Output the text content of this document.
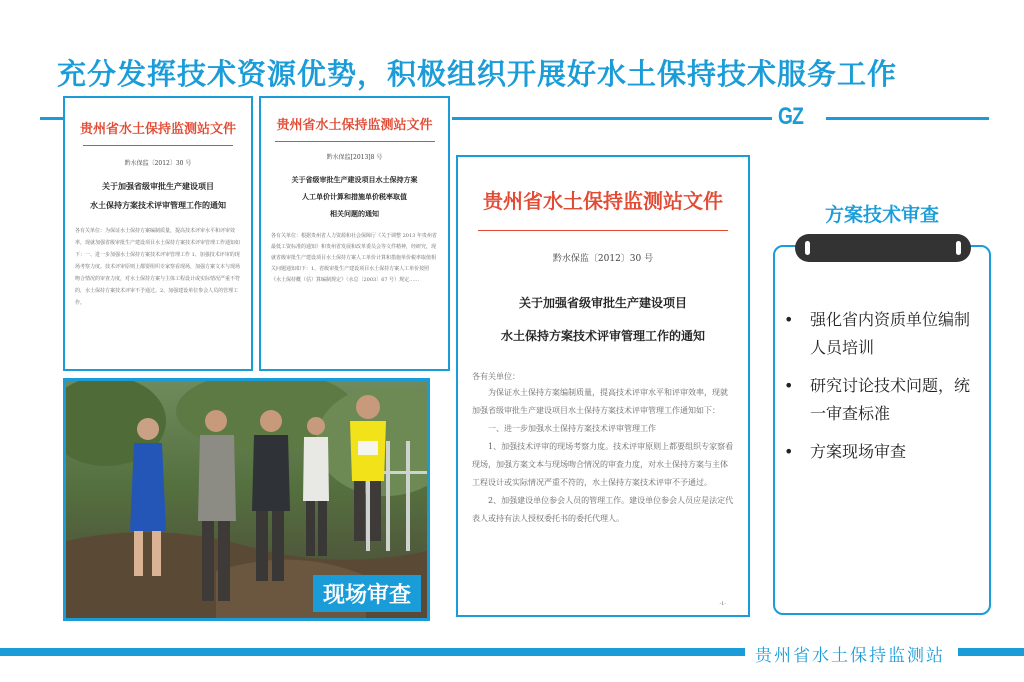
充分发挥技术资源优势，积极组织开展好水土保持技术服务工作
GZ
贵州省水土保持监测站文件
黔水保监〔2012〕30 号
关于加强省级审批生产建设项目
水土保持方案技术评审管理工作的通知
各有关单位：为保证水土保持方案编制质量，提高技术评审水平和评审效率，现就加强省级审批生产建设项目水土保持方案技术评审管理工作通知如下：一、进一步加强水土保持方案技术评审管理工作 1、加强技术评审的现场考察力度。技术评审原则上都要组织专家察看现场，加强方案文本与现场吻合情况的审查力度，对水土保持方案与主体工程设计或实际情况严重不符的，水土保持方案技术评审不予通过。2、加强建设单位参会人员的管理工作。
贵州省水土保持监测站文件
黔水保监[2013]8 号
关于省级审批生产建设项目水土保持方案
人工单价计算和措施单价税率取值
相关问题的通知
各有关单位：根据贵州省人力资源和社会保障厅《关于调整 2013 年贵州省最低工资标准的通知》和贵州省发展和改革委员会等文件精神，经研究，现就省级审批生产建设项目水土保持方案人工单价计算和措施单价税率取值相关问题通知如下：1、省级审批生产建设项目水土保持方案人工单价按照《水土保持概（估）算编制规定》（水总〔2003〕67 号）规定……
贵州省水土保持监测站文件
黔水保监〔2012〕30 号
关于加强省级审批生产建设项目
水土保持方案技术评审管理工作的通知
各有关单位：
为保证水土保持方案编制质量，提高技术评审水平和评审效率，现就加强省级审批生产建设项目水土保持方案技术评审管理工作通知如下：
一、进一步加强水土保持方案技术评审管理工作
1、加强技术评审的现场考察力度。技术评审原则上都要组织专家察看现场，加强方案文本与现场吻合情况的审查力度，对水土保持方案与主体工程设计或实际情况严重不符的，水土保持方案技术评审不予通过。
2、加强建设单位参会人员的管理工作。建设单位参会人员应是法定代表人或持有法人授权委托书的委托代理人。
-1-
现场审查
方案技术审查
• 强化省内资质单位编制人员培训
• 研究讨论技术问题，统一审查标准
• 方案现场审查
贵州省水土保持监测站
